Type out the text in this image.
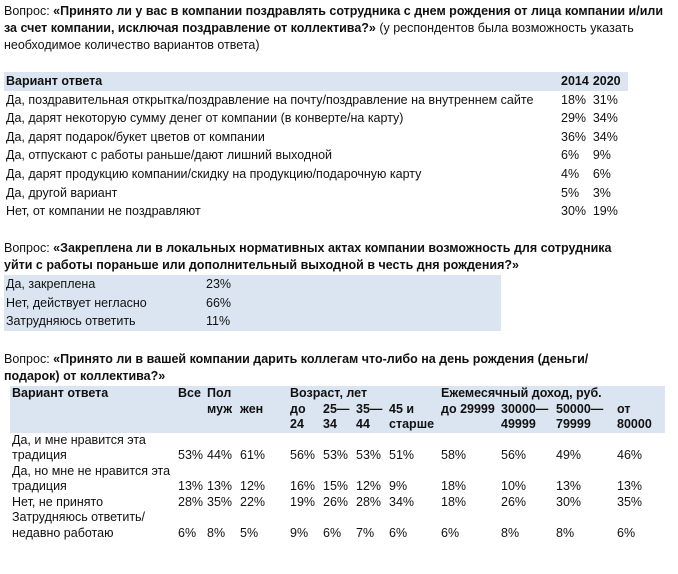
Вопрос: «Принято ли у вас в компании поздравлять сотрудника с днем рождения от лица компании и/или за счет компании, исключая поздравление от коллектива?» (у респондентов была возможность указать необходимое количество вариантов ответа)
Вариант ответа	2014	2020
Да, поздравительная открытка/поздравление на почту/поздравление на внутреннем сайте	18%	31%
Да, дарят некоторую сумму денег от компании (в конверте/на карту)	29%	34%
Да, дарят подарок/букет цветов от компании	36%	34%
Да, отпускают с работы раньше/дают лишний выходной	6%	9%
Да, дарят продукцию компании/скидку на продукцию/подарочную карту	4%	6%
Да, другой вариант	5%	3%
Нет, от компании не поздравляют	30%	19%
Вопрос: «Закреплена ли в локальных нормативных актах компании возможность для сотрудника уйти с работы пораньше или дополнительный выходной в честь дня рождения?»
Да, закреплена	23%
Нет, действует негласно	66%
Затрудняюсь ответить	11%
Вопрос: «Принято ли в вашей компании дарить коллегам что-либо на день рождения (деньги/подарок) от коллектива?»
Вариант ответа	Все	Пол		Возраст, лет				Ежемесячный доход, руб.			
		муж	жен	до 24	25—34	35—44	45 и старше	до 29999	30000—49999	50000—79999	от 80000
Да, и мне нравится эта традиция	53%	44%	61%	56%	53%	53%	51%	58%	56%	49%	46%
Да, но мне не нравится эта традиция	13%	13%	12%	16%	15%	12%	9%	18%	10%	13%	13%
Нет, не принято	28%	35%	22%	19%	26%	28%	34%	18%	26%	30%	35%
Затрудняюсь ответить/недавно работаю	6%	8%	5%	9%	6%	7%	6%	6%	8%	8%	6%
